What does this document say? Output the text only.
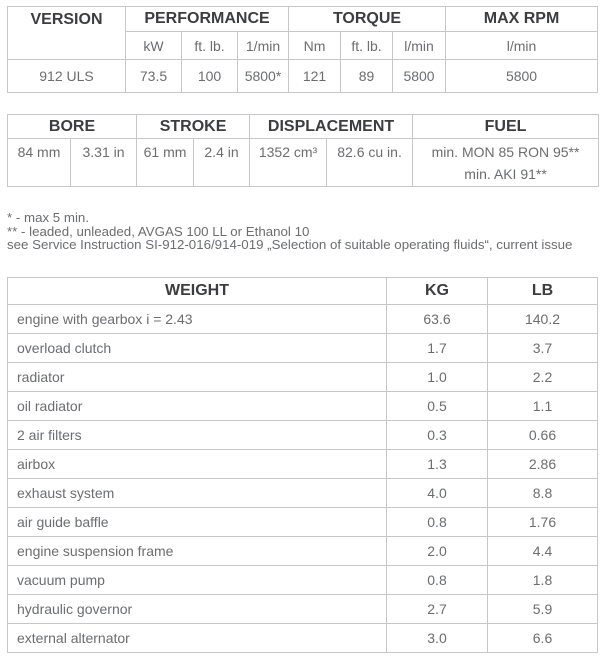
VERSION	PERFORMANCE			TORQUE			MAX RPM
	kW	ft. lb.	1/min	Nm	ft. lb.	l/min	l/min
912 ULS	73.5	100	5800*	121	89	5800	5800
BORE		STROKE		DISPLACEMENT		FUEL
84 mm	3.31 in	61 mm	2.4 in	1352 cm³	82.6 cu in.	min. MON 85 RON 95**
min. AKI 91**
* - max 5 min.
** - leaded, unleaded, AVGAS 100 LL or Ethanol 10
see Service Instruction SI-912-016/914-019 „Selection of suitable operating fluids“, current issue
WEIGHT	KG	LB
engine with gearbox i = 2.43	63.6	140.2
overload clutch	1.7	3.7
radiator	1.0	2.2
oil radiator	0.5	1.1
2 air filters	0.3	0.66
airbox	1.3	2.86
exhaust system	4.0	8.8
air guide baffle	0.8	1.76
engine suspension frame	2.0	4.4
vacuum pump	0.8	1.8
hydraulic governor	2.7	5.9
external alternator	3.0	6.6
